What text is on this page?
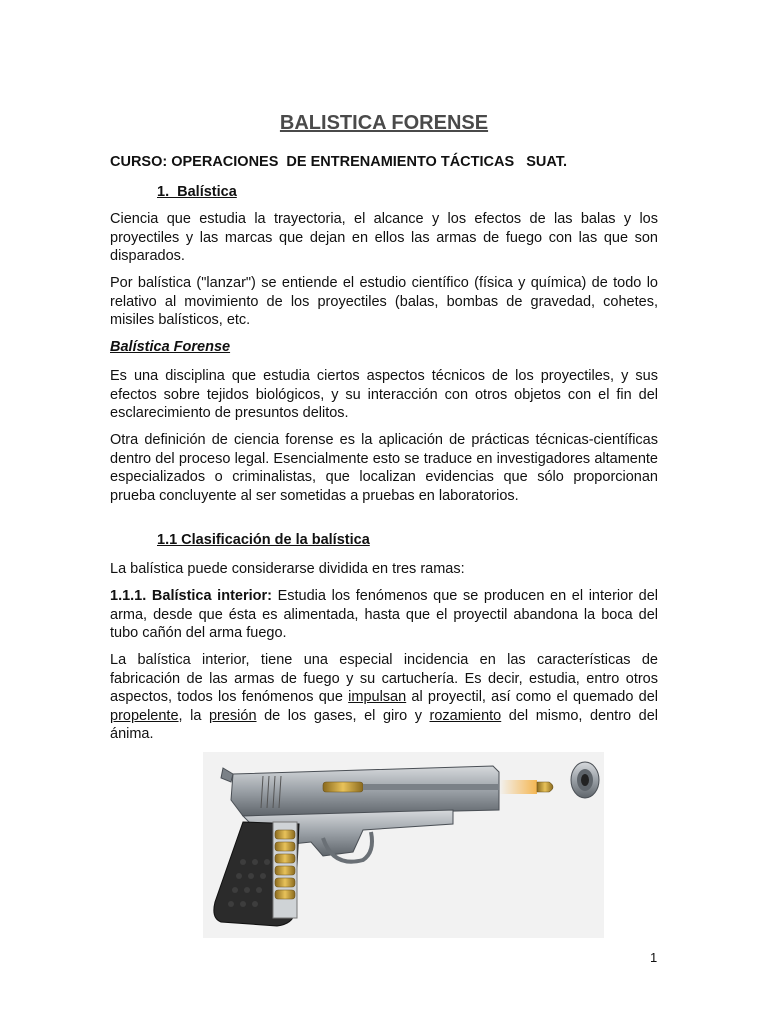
BALISTICA FORENSE

CURSO: OPERACIONES  DE ENTRENAMIENTO TÁCTICAS   SUAT.

1.  Balística

Ciencia que estudia la trayectoria, el alcance y los efectos de las balas y los proyectiles y las marcas que dejan en ellos las armas de fuego con las que son disparados.

Por balística ("lanzar") se entiende el estudio científico (física y química) de todo lo relativo al movimiento de los proyectiles (balas, bombas de gravedad, cohetes, misiles balísticos, etc.

Balística Forense

Es una disciplina que estudia ciertos aspectos técnicos de los proyectiles, y sus efectos sobre tejidos biológicos, y su interacción con otros objetos con el fin del esclarecimiento de presuntos delitos.

Otra definición de ciencia forense es la aplicación de prácticas técnicas-científicas dentro del proceso legal. Esencialmente esto se traduce en investigadores altamente especializados o criminalistas, que localizan evidencias que sólo proporcionan prueba concluyente al ser sometidas a pruebas en laboratorios.

1.1 Clasificación de la balística

La balística puede considerarse dividida en tres ramas:

1.1.1. Balística interior: Estudia los fenómenos que se producen en el interior del arma, desde que ésta es alimentada, hasta que el proyectil abandona la boca del tubo cañón del arma fuego.

La balística interior, tiene una especial incidencia en las características de fabricación de las armas de fuego y su cartuchería. Es decir, estudia, entro otros aspectos, todos los fenómenos que impulsan al proyectil, así como el quemado del propelente, la presión de los gases, el giro y rozamiento del mismo, dentro del ánima.

1
